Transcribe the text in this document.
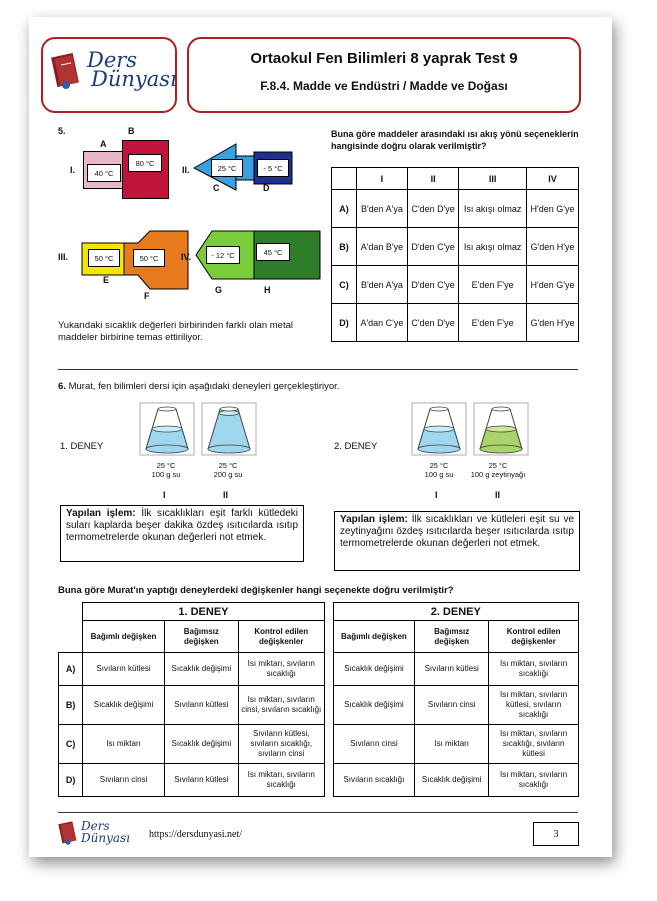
Ders
Dünyası
Ortaokul Fen Bilimleri 8 yaprak Test 9
F.8.4. Madde ve Endüstri / Madde ve Doğası
5.
I.
A
B
40 °C
80 °C
II.	25 °C	- 5 °C
C	D
III.	50 °C	50 °C
E
F
IV.	- 12 °C	45 °C
G	H
Yukarıdaki sıcaklık değerleri birbirinden farklı olan metal maddeler birbirine temas ettiriliyor.
Buna göre maddeler arasındaki ısı akış yönü seçeneklerin hangisinde doğru olarak verilmiştir?
	I	II	III	IV
A)	B'den A'ya	C'den D'ye	Isı akışı olmaz	H'den G'ye
B)	A'dan B'ye	D'den C'ye	Isı akışı olmaz	G'den H'ye
C)	B'den A'ya	D'den C'ye	E'den F'ye	H'den G'ye
D)	A'dan C'ye	C'den D'ye	E'den F'ye	G'den H'ye
6. Murat, fen bilimleri dersi için aşağıdaki deneyleri gerçekleştiriyor.
1. DENEY
25 °C
100 g su
25 °C
200 g su
I	II
Yapılan işlem: İlk sıcaklıkları eşit farklı kütledeki suları kaplarda beşer dakika özdeş ısıtıcılarda ısıtıp termometrelerde okunan değerleri not etmek.
2. DENEY
25 °C
100 g su
25 °C
100 g zeytinyağı
I	II
Yapılan işlem: İlk sıcaklıkları ve kütleleri eşit su ve zeytinyağını özdeş ısıtıcılarda beşer ısıtıcılarda ısıtıp termometrelerde okunan değerleri not etmek.
Buna göre Murat'ın yaptığı deneylerdeki değişkenler hangi seçenekte doğru verilmiştir?
	1. DENEY				2. DENEY		
	Bağımlı değişken	Bağımsız değişken	Kontrol edilen değişkenler		Bağımlı değişken	Bağımsız değişken	Kontrol edilen değişkenler
A)	Sıvıların kütlesi	Sıcaklık değişimi	Isı miktarı, sıvıların sıcaklığı		Sıcaklık değişimi	Sıvıların kütlesi	Isı miktarı, sıvıların sıcaklığı
B)	Sıcaklık değişimi	Sıvıların kütlesi	Isı miktarı, sıvıların cinsi, sıvıların sıcaklığı		Sıcaklık değişimi	Sıvıların cinsi	Isı miktarı, sıvıların kütlesi, sıvıların sıcaklığı
C)	Isı miktarı	Sıcaklık değişimi	Sıvıların kütlesi, sıvıların sıcaklığı, sıvıların cinsi		Sıvıların cinsi	Isı miktarı	Isı miktarı, sıvıların sıcaklığı, sıvıların kütlesi
D)	Sıvıların cinsi	Sıvıların kütlesi	Isı miktarı, sıvıların sıcaklığı		Sıvıların sıcaklığı	Sıcaklık değişimi	Isı miktarı, sıvıların sıcaklığı
Ders
Dünyası https://dersdunyasi.net/	3
